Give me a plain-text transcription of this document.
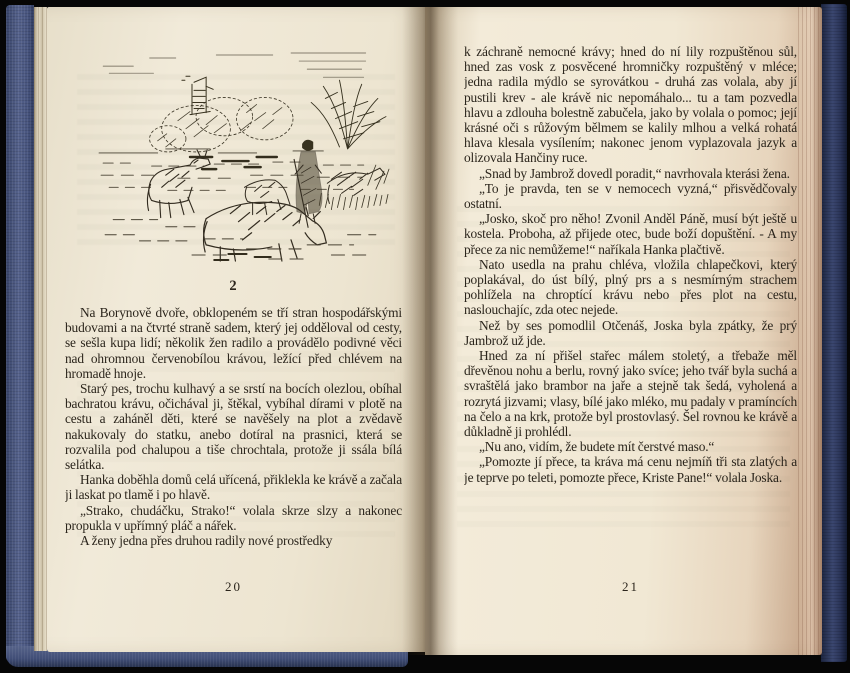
2

Na Borynově dvoře, obklopeném se tří stran hospodářskými budovami a na čtvrté straně sadem, který jej odděloval od cesty, se sešla kupa lidí; několik žen radilo a provádělo podivné věci nad ohromnou červenobílou krávou, ležící před chlévem na hromadě hnoje.

Starý pes, trochu kulhavý a se srstí na bocích olezlou, obíhal bachratou krávu, očichával ji, štěkal, vybíhal dírami v plotě na cestu a zaháněl děti, které se navěšely na plot a zvědavě nakukovaly do statku, anebo dotíral na prasnici, která se rozvalila pod chalupou a tiše chrochtala, protože ji ssála bílá selátka.

Hanka doběhla domů celá uřícená, přiklekla ke krávě a začala ji laskat po tlamě i po hlavě.

„Strako, chudáčku, Strako!“ volala skrze slzy a nakonec propukla v upřímný pláč a nářek.

A ženy jedna přes druhou radily nové prostředky

20

k záchraně nemocné krávy; hned do ní lily rozpuštěnou sůl, hned zas vosk z posvěcené hromničky rozpuštěný v mléce; jedna radila mýdlo se syrovátkou - druhá zas volala, aby jí pustili krev - ale krávě nic nepomáhalo... tu a tam pozvedla hlavu a zdlouha bolestně zabučela, jako by volala o pomoc; její krásné oči s růžovým bělmem se kalily mlhou a velká rohatá hlava klesala vysílením; nakonec jenom vyplazovala jazyk a olizovala Hančiny ruce.

„Snad by Jambrož dovedl poradit,“ navrhovala kterási žena.

„To je pravda, ten se v nemocech vyzná,“ přisvědčovaly ostatní.

„Josko, skoč pro něho! Zvonil Anděl Páně, musí být ještě u kostela. Proboha, až přijede otec, bude boží dopuštění. - A my přece za nic nemůžeme!“ naříkala Hanka plačtivě.

Nato usedla na prahu chléva, vložila chlapečkovi, který poplakával, do úst bílý, plný prs a s nesmírným strachem pohlížela na chroptící krávu nebo přes plot na cestu, naslouchajíc, zda otec nejede.

Než by ses pomodlil Otčenáš, Joska byla zpátky, že prý Jambrož už jde.

Hned za ní přišel stařec málem stoletý, a třebaže měl dřevěnou nohu a berlu, rovný jako svíce; jeho tvář byla suchá a svraštělá jako brambor na jaře a stejně tak šedá, vyholená a rozrytá jizvami; vlasy, bílé jako mléko, mu padaly v pramíncích na čelo a na krk, protože byl prostovlasý. Šel rovnou ke krávě a důkladně ji prohlédl.

„Nu ano, vidím, že budete mít čerstvé maso.“

„Pomozte jí přece, ta kráva má cenu nejmíň tři sta zlatých a je teprve po teleti, pomozte přece, Kriste Pane!“ volala Joska.

21
